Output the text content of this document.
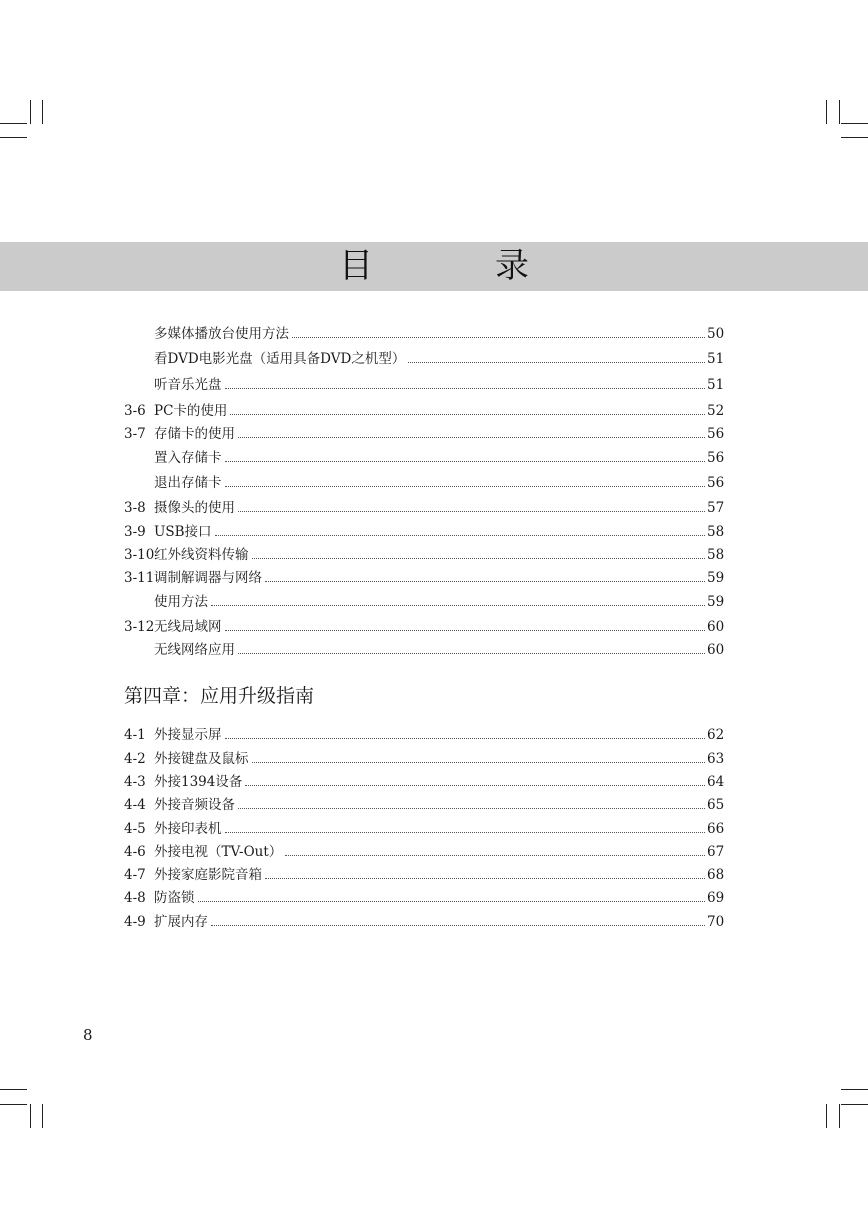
目　录
多媒体播放台使用方法	50
看DVD电影光盘（适用具备DVD之机型）	51
听音乐光盘	51
3-6 PC卡的使用	52
3-7 存储卡的使用	56
置入存储卡	56
退出存储卡	56
3-8 摄像头的使用	57
3-9 USB接口	58
3-10 红外线资料传输	58
3-11 调制解调器与网络	59
使用方法	59
3-12 无线局域网	60
无线网络应用	60
4-1 外接显示屏	62
4-2 外接键盘及鼠标	63
4-3 外接1394设备	64
4-4 外接音频设备	65
4-5 外接印表机	66
4-6 外接电视（TV-Out）	67
4-7 外接家庭影院音箱	68
4-8 防盗锁	69
4-9 扩展内存	70
第四章：应用升级指南
8
